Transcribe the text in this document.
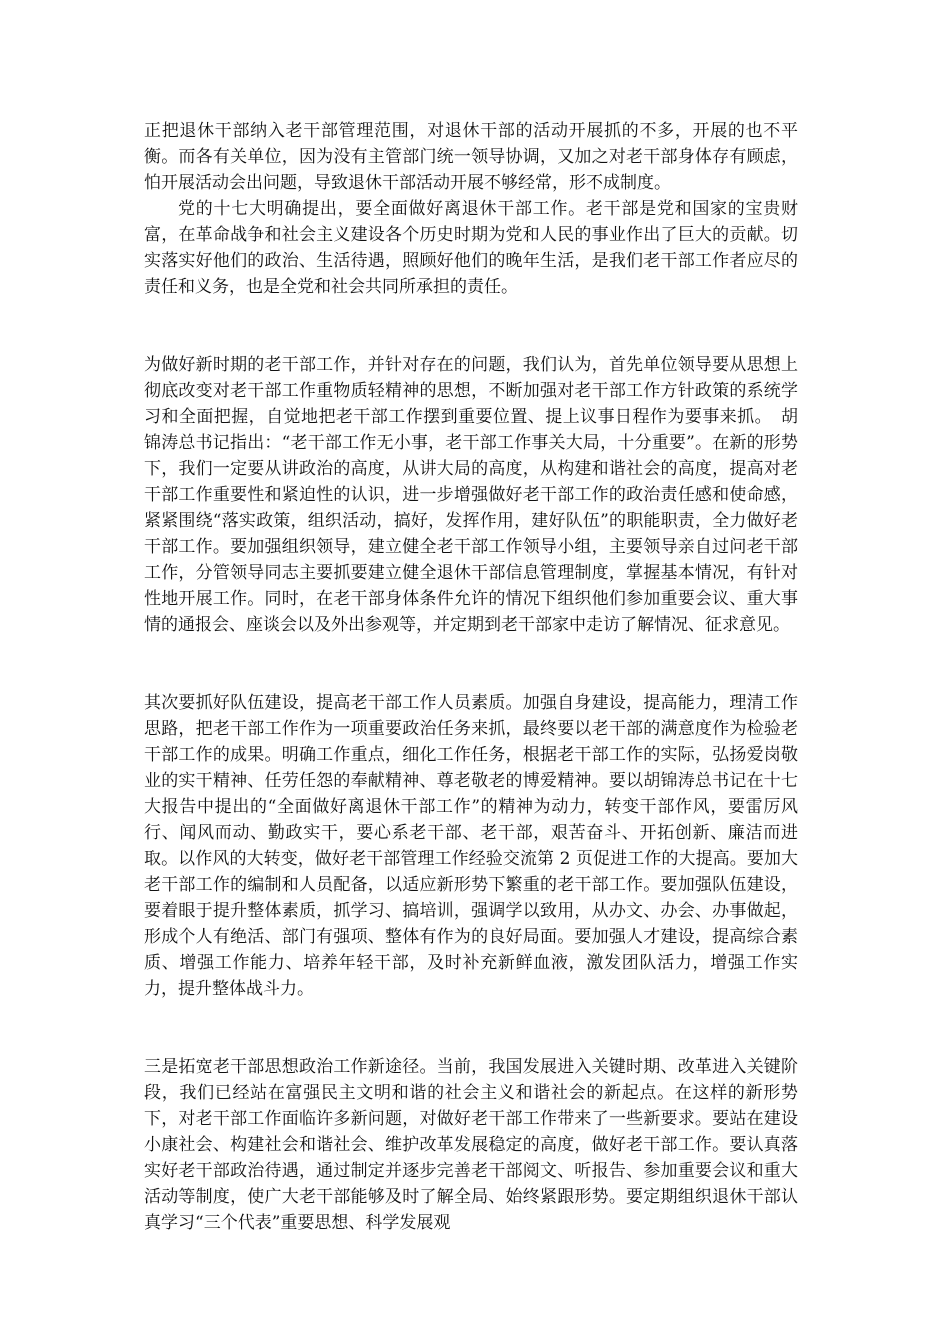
正把退休干部纳入老干部管理范围，对退休干部的活动开展抓的不多，开展的也不平衡。而各有关单位，因为没有主管部门统一领导协调，又加之对老干部身体存有顾虑，怕开展活动会出问题，导致退休干部活动开展不够经常，形不成制度。

党的十七大明确提出，要全面做好离退休干部工作。老干部是党和国家的宝贵财富，在革命战争和社会主义建设各个历史时期为党和人民的事业作出了巨大的贡献。切实落实好他们的政治、生活待遇，照顾好他们的晚年生活，是我们老干部工作者应尽的责任和义务，也是全党和社会共同所承担的责任。

为做好新时期的老干部工作，并针对存在的问题，我们认为，首先单位领导要从思想上彻底改变对老干部工作重物质轻精神的思想，不断加强对老干部工作方针政策的系统学习和全面把握，自觉地把老干部工作摆到重要位置、提上议事日程作为要事来抓。　胡锦涛总书记指出：“老干部工作无小事，老干部工作事关大局，十分重要”。在新的形势下，我们一定要从讲政治的高度，从讲大局的高度，从构建和谐社会的高度，提高对老干部工作重要性和紧迫性的认识，进一步增强做好老干部工作的政治责任感和使命感，紧紧围绕“落实政策，组织活动，搞好，发挥作用，建好队伍”的职能职责，全力做好老干部工作。要加强组织领导，建立健全老干部工作领导小组，主要领导亲自过问老干部工作，分管领导同志主要抓要建立健全退休干部信息管理制度，掌握基本情况，有针对性地开展工作。同时，在老干部身体条件允许的情况下组织他们参加重要会议、重大事情的通报会、座谈会以及外出参观等，并定期到老干部家中走访了解情况、征求意见。

其次要抓好队伍建设，提高老干部工作人员素质。加强自身建设，提高能力，理清工作思路，把老干部工作作为一项重要政治任务来抓，最终要以老干部的满意度作为检验老干部工作的成果。明确工作重点，细化工作任务，根据老干部工作的实际，弘扬爱岗敬业的实干精神、任劳任怨的奉献精神、尊老敬老的博爱精神。要以胡锦涛总书记在十七大报告中提出的“全面做好离退休干部工作”的精神为动力，转变干部作风，要雷厉风行、闻风而动、勤政实干，要心系老干部、老干部，艰苦奋斗、开拓创新、廉洁而进取。以作风的大转变，做好老干部管理工作经验交流第 2 页促进工作的大提高。要加大老干部工作的编制和人员配备，以适应新形势下繁重的老干部工作。要加强队伍建设，要着眼于提升整体素质，抓学习、搞培训，强调学以致用，从办文、办会、办事做起，形成个人有绝活、部门有强项、整体有作为的良好局面。要加强人才建设，提高综合素质、增强工作能力、培养年轻干部，及时补充新鲜血液，激发团队活力，增强工作实力，提升整体战斗力。

三是拓宽老干部思想政治工作新途径。当前，我国发展进入关键时期、改革进入关键阶段，我们已经站在富强民主文明和谐的社会主义和谐社会的新起点。在这样的新形势下，对老干部工作面临许多新问题，对做好老干部工作带来了一些新要求。要站在建设小康社会、构建社会和谐社会、维护改革发展稳定的高度，做好老干部工作。要认真落实好老干部政治待遇，通过制定并逐步完善老干部阅文、听报告、参加重要会议和重大活动等制度，使广大老干部能够及时了解全局、始终紧跟形势。要定期组织退休干部认真学习“三个代表”重要思想、科学发展观
